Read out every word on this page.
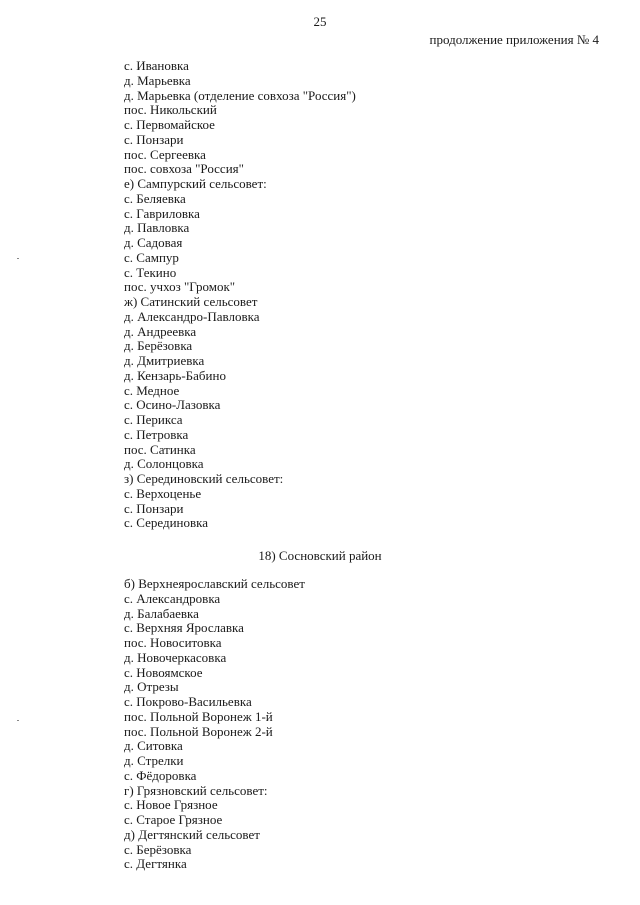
25
продолжение приложения № 4
с. Ивановка
д. Марьевка
д. Марьевка (отделение совхоза "Россия")
пос. Никольский
с. Первомайское
с. Понзари
пос. Сергеевка
пос. совхоза "Россия"
е) Сампурский сельсовет:
с. Беляевка
с. Гавриловка
д. Павловка
д. Садовая
с. Сампур
с. Текино
пос. учхоз "Громок"
ж) Сатинский сельсовет
д. Александро-Павловка
д. Андреевка
д. Берёзовка
д. Дмитриевка
д. Кензарь-Бабино
с. Медное
с. Осино-Лазовка
с. Перикса
с. Петровка
пос. Сатинка
д. Солонцовка
з) Серединовский сельсовет:
с. Верхоценье
с. Понзари
с. Серединовка
18) Сосновский район
б) Верхнеярославский сельсовет
с. Александровка
д. Балабаевка
с. Верхняя Ярославка
пос. Новоситовка
д. Новочеркасовка
с. Новоямское
д. Отрезы
с. Покрово-Васильевка
пос. Польной Воронеж 1-й
пос. Польной Воронеж 2-й
д. Ситовка
д. Стрелки
с. Фёдоровка
г) Грязновский сельсовет:
с. Новое Грязное
с. Старое Грязное
д) Дегтянский сельсовет
с. Берёзовка
с. Дегтянка
